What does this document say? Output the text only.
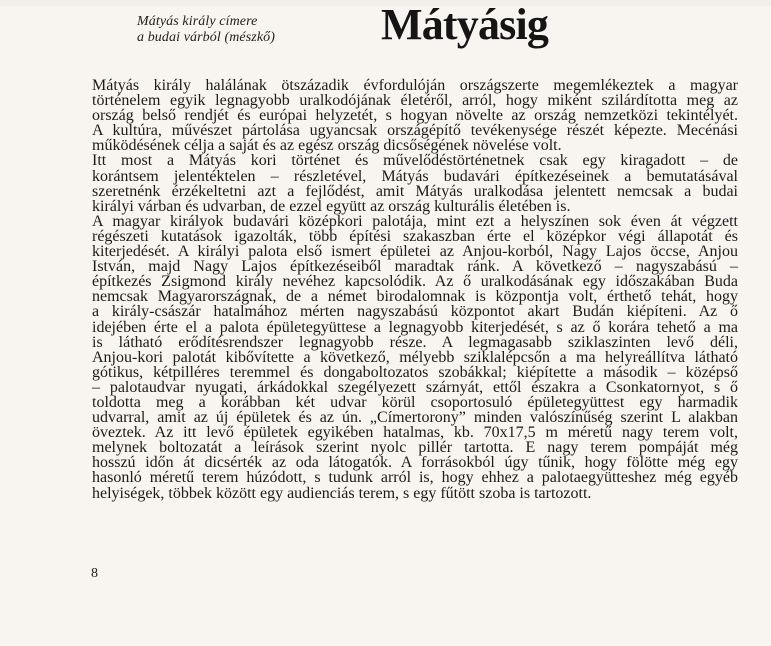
Mátyás király címere
a budai várból (mészkő)	Mátyásig
Mátyás király halálának ötszázadik évfordulóján országszerte megemlékeztek a magyar
történelem egyik legnagyobb uralkodójának életéről, arról, hogy miként szilárdította meg az
ország belső rendjét és európai helyzetét, s hogyan növelte az ország nemzetközi tekintélyét.
A kultúra, művészet pártolása ugyancsak országépítő tevékenysége részét képezte. Mecénási
működésének célja a saját és az egész ország dicsőségének növelése volt.
Itt most a Mátyás kori történet és művelődéstörténetnek csak egy kiragadott – de
korántsem jelentéktelen – részletével, Mátyás budavári építkezéseinek a bemutatásával
szeretnénk érzékeltetni azt a fejlődést, amit Mátyás uralkodása jelentett nemcsak a budai
királyi várban és udvarban, de ezzel együtt az ország kulturális életében is.
A magyar királyok budavári középkori palotája, mint ezt a helyszínen sok éven át végzett
régészeti kutatások igazolták, több építési szakaszban érte el középkor végi állapotát és
kiterjedését. A királyi palota első ismert épületei az Anjou-korból, Nagy Lajos öccse, Anjou
István, majd Nagy Lajos építkezéseiből maradtak ránk. A következő – nagyszabású –
építkezés Zsigmond király nevéhez kapcsolódik. Az ő uralkodásának egy időszakában Buda
nemcsak Magyarországnak, de a német birodalomnak is központja volt, érthető tehát, hogy
a király-császár hatalmához mérten nagyszabású központot akart Budán kiépíteni. Az ő
idejében érte el a palota épületegyüttese a legnagyobb kiterjedését, s az ő korára tehető a ma
is látható erődítésrendszer legnagyobb része. A legmagasabb sziklaszinten levő déli,
Anjou-kori palotát kibővítette a következő, mélyebb sziklalépcsőn a ma helyreállítva látható
gótikus, kétpilléres teremmel és dongaboltozatos szobákkal; kiépítette a második – középső
– palotaudvar nyugati, árkádokkal szegélyezett szárnyát, ettől északra a Csonkatornyot, s ő
toldotta meg a korábban két udvar körül csoportosuló épületegyüttest egy harmadik
udvarral, amit az új épületek és az ún. „Címertorony” minden valószínűség szerint L alakban
öveztek. Az itt levő épületek egyikében hatalmas, kb. 70x17,5 m méretű nagy terem volt,
melynek boltozatát a leírások szerint nyolc pillér tartotta. E nagy terem pompáját még
hosszú időn át dicsérték az oda látogatók. A forrásokból úgy tűnik, hogy fölötte még egy
hasonló méretű terem húzódott, s tudunk arról is, hogy ehhez a palotaegyütteshez még egyéb
helyiségek, többek között egy audienciás terem, s egy fűtött szoba is tartozott.
8
